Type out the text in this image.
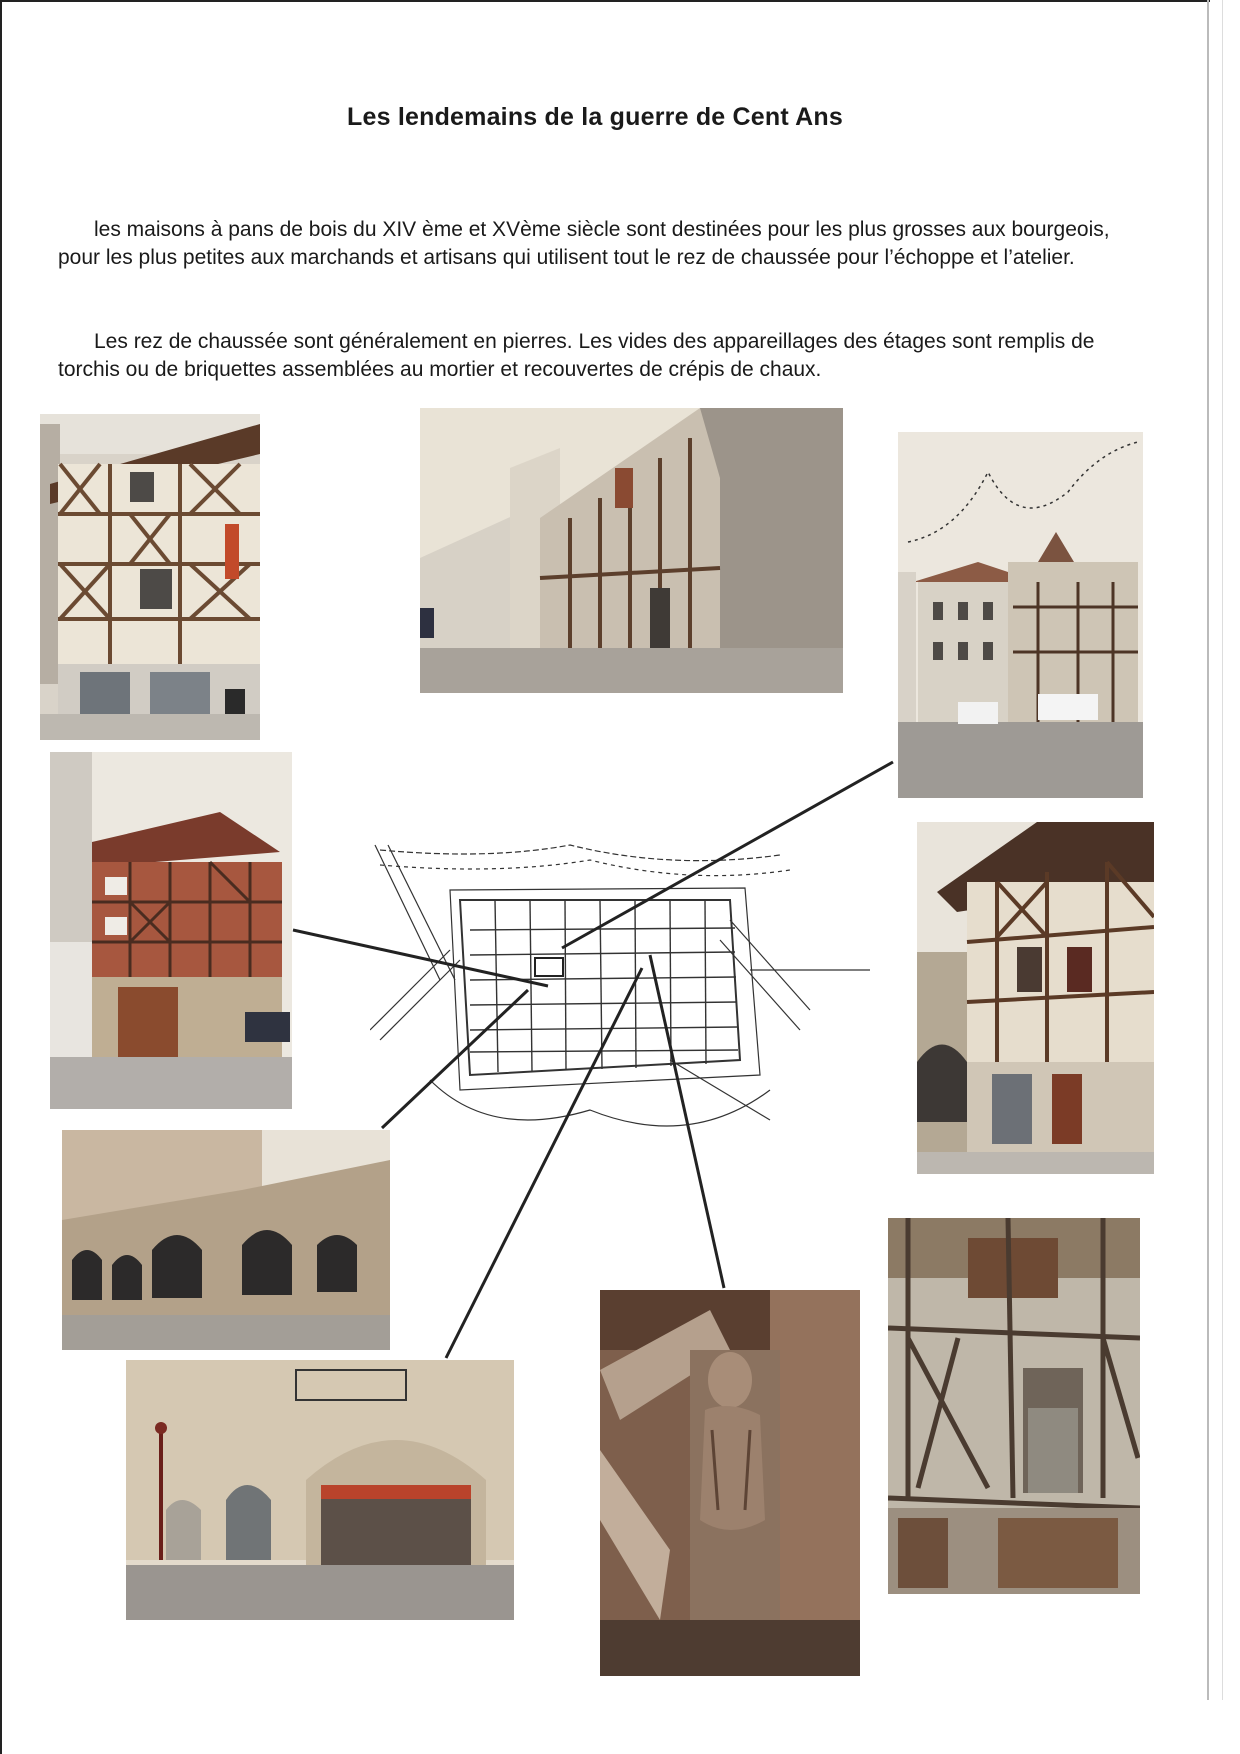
Les lendemains de la guerre de Cent Ans

les maisons à pans de bois du XIV ème et XVème siècle sont destinées pour les plus grosses aux bourgeois, pour les plus petites aux marchands et artisans qui utilisent tout le rez de chaussée pour l’échoppe et l’atelier.

Les rez de chaussée sont généralement en pierres. Les vides des appareillages des étages sont remplis de torchis ou de briquettes assemblées au mortier et recouvertes de crépis de chaux.
